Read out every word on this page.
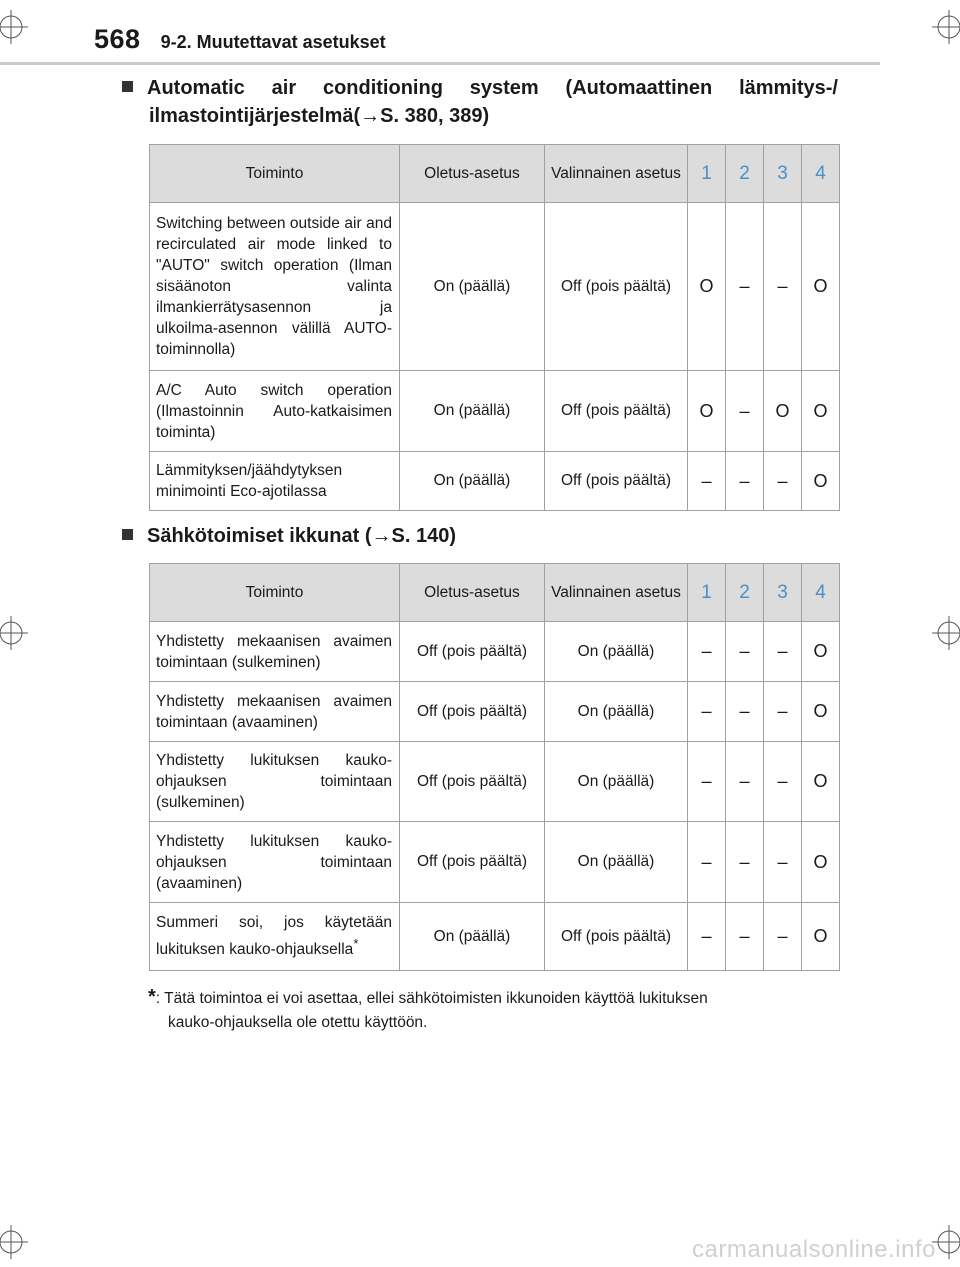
568 9-2. Muutettavat asetukset
Automatic air conditioning system (Automaattinen lämmitys-/
ilmastointijärjestelmä(→S. 380, 389)
Toiminto	Oletus-asetus	Valinnainen asetus	1	2	3	4
Switching between outside air and recirculated air mode linked to "AUTO" switch operation (Ilman sisäänoton valinta ilmankierrätysasennon ja ulkoilma-asennon välillä AUTO-toiminnolla)	On (päällä)	Off (pois päältä)	O	–	–	O
A/C Auto switch operation (Ilmastoinnin Auto-katkaisimen toiminta)	On (päällä)	Off (pois päältä)	O	–	O	O
Lämmityksen/jäähdytyksen minimointi Eco-ajotilassa	On (päällä)	Off (pois päältä)	–	–	–	O
Sähkötoimiset ikkunat (→S. 140)
Toiminto	Oletus-asetus	Valinnainen asetus	1	2	3	4
Yhdistetty mekaanisen avaimen toimintaan (sulkeminen)	Off (pois päältä)	On (päällä)	–	–	–	O
Yhdistetty mekaanisen avaimen toimintaan (avaaminen)	Off (pois päältä)	On (päällä)	–	–	–	O
Yhdistetty lukituksen kauko-ohjauksen toimintaan (sulkeminen)	Off (pois päältä)	On (päällä)	–	–	–	O
Yhdistetty lukituksen kauko-ohjauksen toimintaan (avaaminen)	Off (pois päältä)	On (päällä)	–	–	–	O
Summeri soi, jos käytetään lukituksen kauko-ohjauksella*	On (päällä)	Off (pois päältä)	–	–	–	O
*: Tätä toimintoa ei voi asettaa, ellei sähkötoimisten ikkunoiden käyttöä lukituksen
kauko-ohjauksella ole otettu käyttöön.
carmanualsonline.info
